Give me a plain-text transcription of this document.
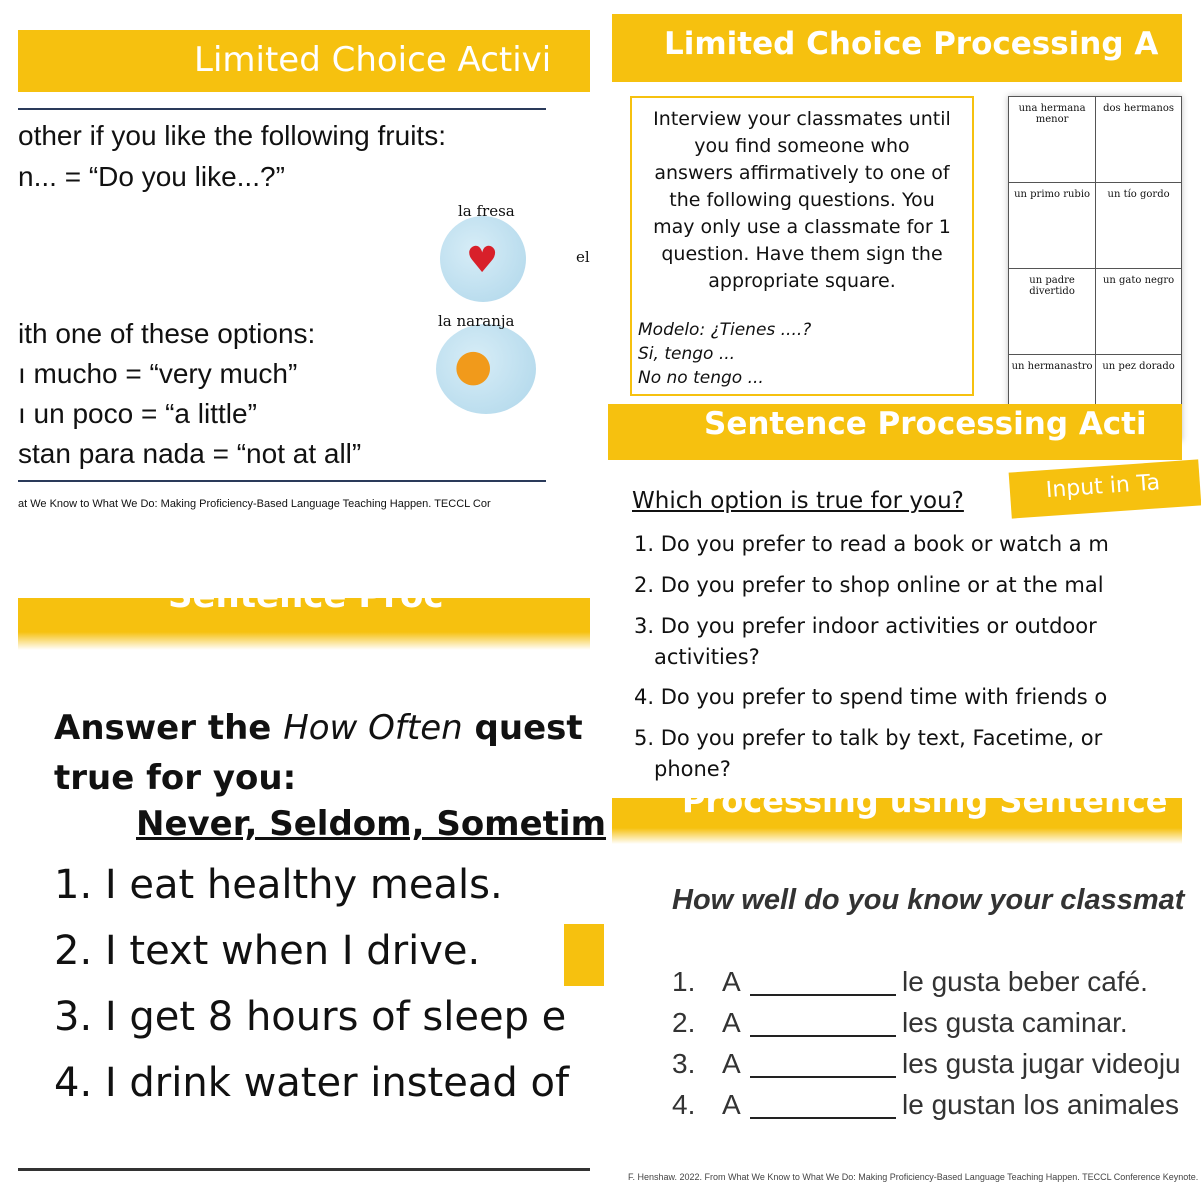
Limited Choice Activi
other if you like the following fruits:
n... = “Do you like...?”
♥
la fresa
el
●
la naranja
ith one of these options:
ı mucho = “very much”
ı un poco = “a little”
stan para nada = “not at all”
at We Know to What We Do: Making Proficiency-Based Language Teaching Happen. TECCL Cor
Limited Choice Processing A
Interview your classmates until
you find someone who
answers affirmatively to one of
the following questions. You
may only use a classmate for 1
question. Have them sign the
appropriate square.
Modelo: ¿Tienes ....?
Si, tengo ...
No no tengo ...
una hermana menor	dos hermanos
un primo rubio	un tío gordo
un padre divertido	un gato negro
un hermanastro	un pez dorado
Sentence Processing Acti
Input in Ta
Which option is true for you?
1. Do you prefer to read a book or watch a m
2. Do you prefer to shop online or at the mal
3. Do you prefer indoor activities or outdoor
activities?
4. Do you prefer to spend time with friends o
5. Do you prefer to talk by text, Facetime, or
phone?
Sentence Proc
Answer the How Often quest
true for you:
Never, Seldom, Sometim
1. I eat healthy meals.
2. I text when I drive.
3. I get 8 hours of sleep e
4. I drink water instead of
Processing using Sentence
How well do you know your classmat
1. A	le gusta beber café.
2. A	les gusta caminar.
3. A	les gusta jugar videoju
4. A	le gustan los animales
F. Henshaw. 2022. From What We Know to What We Do: Making Proficiency-Based Language Teaching Happen. TECCL Conference Keynote.
